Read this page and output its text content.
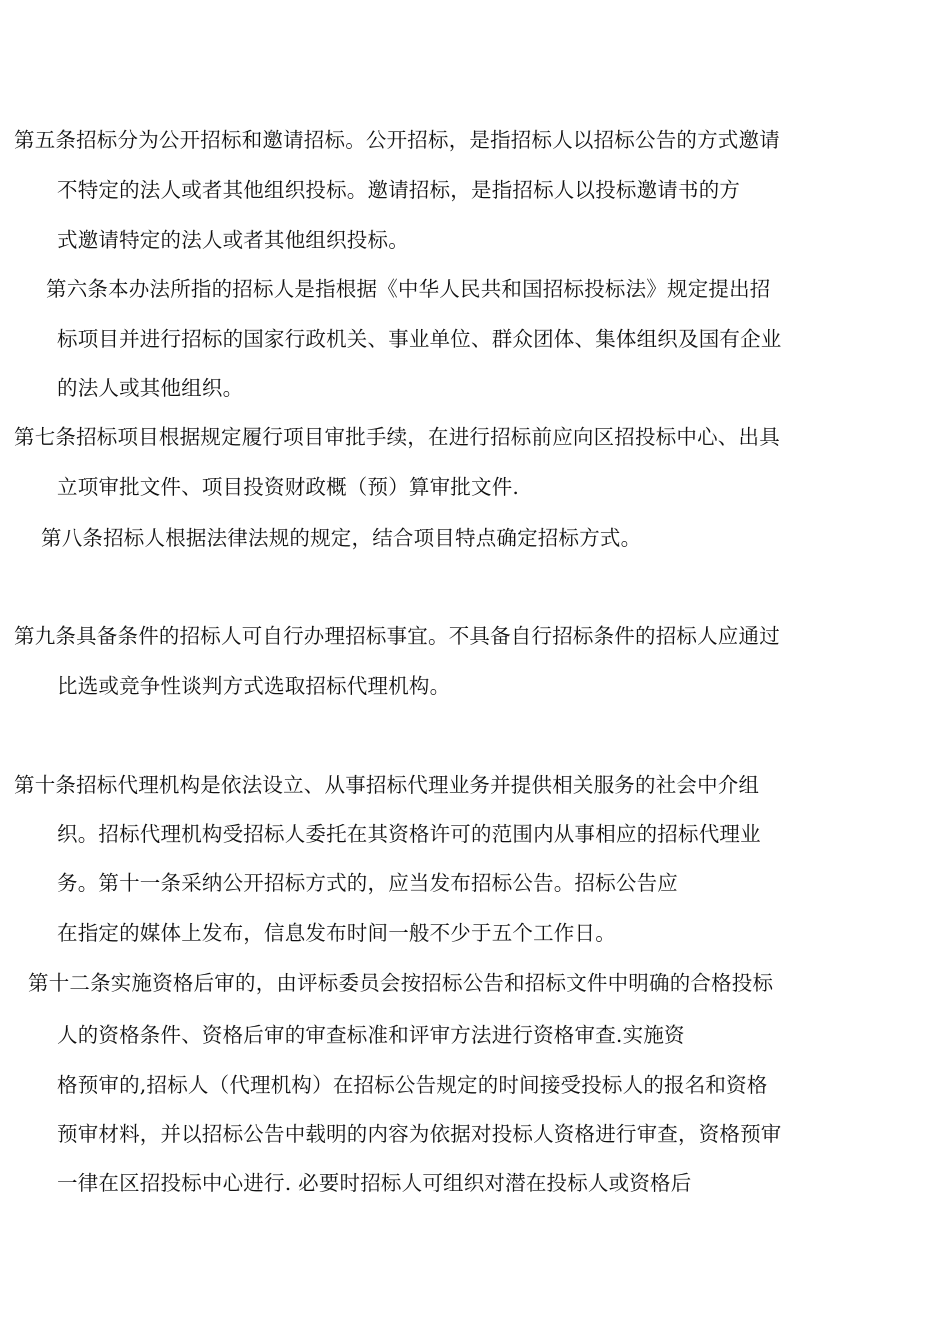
第五条招标分为公开招标和邀请招标。公开招标，是指招标人以招标公告的方式邀请
不特定的法人或者其他组织投标。邀请招标，是指招标人以投标邀请书的方
式邀请特定的法人或者其他组织投标。
第六条本办法所指的招标人是指根据《中华人民共和国招标投标法》规定提出招
标项目并进行招标的国家行政机关、事业单位、群众团体、集体组织及国有企业
的法人或其他组织。
第七条招标项目根据规定履行项目审批手续，在进行招标前应向区招投标中心、出具
立项审批文件、项目投资财政概（预）算审批文件.
第八条招标人根据法律法规的规定，结合项目特点确定招标方式。
第九条具备条件的招标人可自行办理招标事宜。不具备自行招标条件的招标人应通过
比选或竞争性谈判方式选取招标代理机构。
第十条招标代理机构是依法设立、从事招标代理业务并提供相关服务的社会中介组
织。招标代理机构受招标人委托在其资格许可的范围内从事相应的招标代理业
务。第十一条采纳公开招标方式的，应当发布招标公告。招标公告应
在指定的媒体上发布，信息发布时间一般不少于五个工作日。
第十二条实施资格后审的，由评标委员会按招标公告和招标文件中明确的合格投标
人的资格条件、资格后审的审查标准和评审方法进行资格审查.实施资
格预审的,招标人（代理机构）在招标公告规定的时间接受投标人的报名和资格
预审材料，并以招标公告中载明的内容为依据对投标人资格进行审查，资格预审
一律在区招投标中心进行. 必要时招标人可组织对潜在投标人或资格后
